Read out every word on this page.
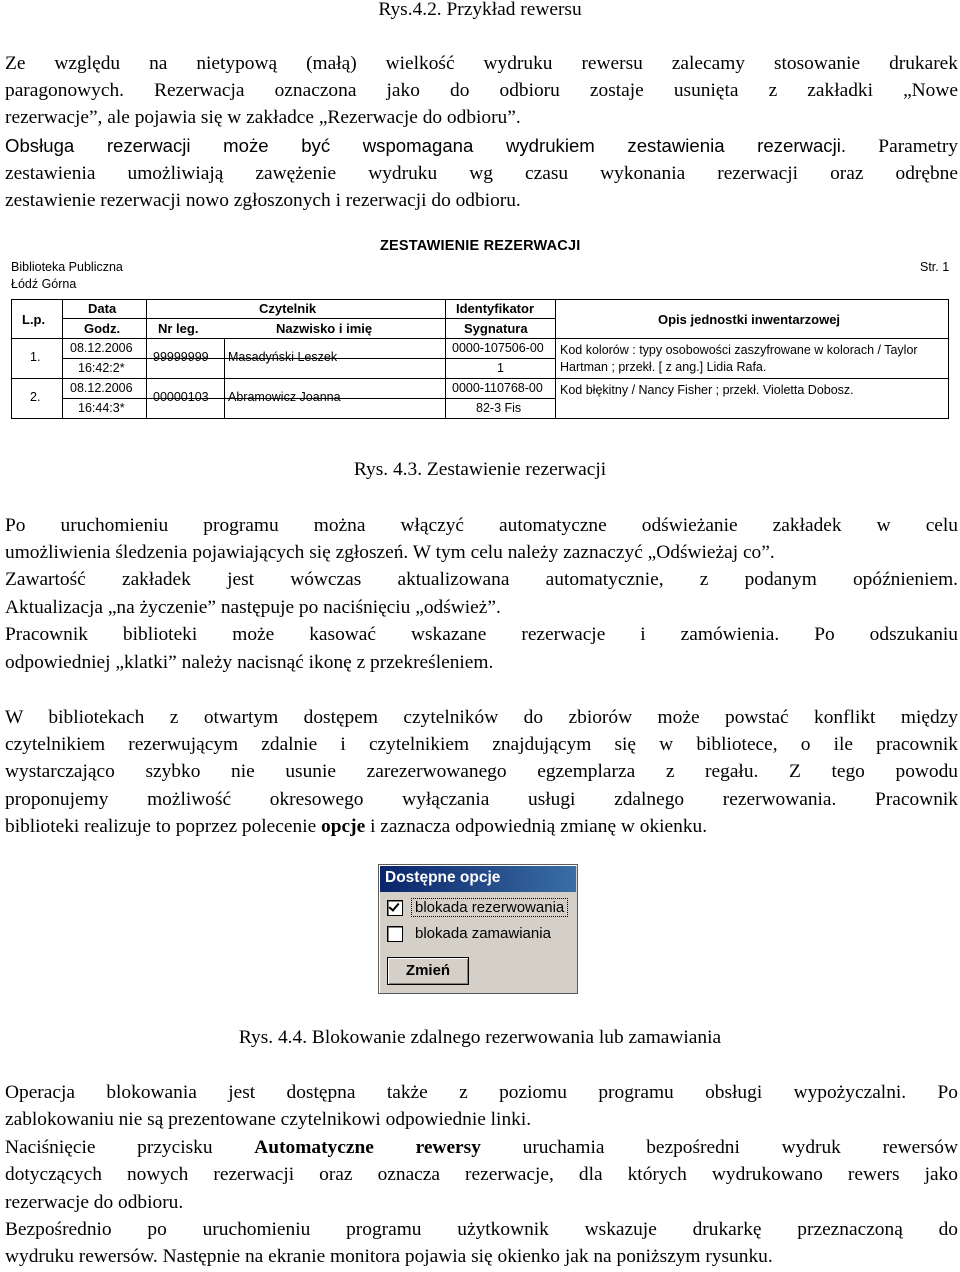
Rys.4.2. Przykład rewersu
Ze względu na nietypową (małą) wielkość wydruku rewersu zalecamy stosowanie drukarek
paragonowych. Rezerwacja oznaczona jako do odbioru zostaje usunięta z zakładki „Nowe
rezerwacje”, ale pojawia się w zakładce „Rezerwacje do odbioru”.
Obsługa rezerwacji może być wspomagana wydrukiem zestawienia rezerwacji. Parametry
zestawienia umożliwiają zawężenie wydruku wg czasu wykonania rezerwacji oraz odrębne
zestawienie rezerwacji nowo zgłoszonych i rezerwacji do odbioru.
ZESTAWIENIE REZERWACJI
Biblioteka Publiczna
Łódź Górna
Str. 1
L.p.
Data
Godz.
Czytelnik
Nr leg.	Nazwisko i imię
Identyfikator
Sygnatura
Opis jednostki inwentarzowej
1.
08.12.2006
16:42:2*
99999999 Masadyński Leszek
0000-107506-00
1
Kod kolorów : typy osobowości zaszyfrowane w kolorach / Taylor
Hartman ; przekł. [ z ang.] Lidia Rafa.
2.
08.12.2006
16:44:3*
00000103 Abramowicz Joanna
0000-110768-00
82-3 Fis
Kod błękitny / Nancy Fisher ; przekł. Violetta Dobosz.
Rys. 4.3. Zestawienie rezerwacji
Po uruchomieniu programu można włączyć automatyczne odświeżanie zakładek w celu
umożliwienia śledzenia pojawiających się zgłoszeń. W tym celu należy zaznaczyć „Odświeżaj co”.
Zawartość zakładek jest wówczas aktualizowana automatycznie, z podanym opóźnieniem.
Aktualizacja „na życzenie” następuje po naciśnięciu „odśwież”.
Pracownik biblioteki może kasować wskazane rezerwacje i zamówienia. Po odszukaniu
odpowiedniej „klatki” należy nacisnąć ikonę z przekreśleniem.
W bibliotekach z otwartym dostępem czytelników do zbiorów może powstać konflikt między
czytelnikiem rezerwującym zdalnie i czytelnikiem znajdującym się w bibliotece, o ile pracownik
wystarczająco szybko nie usunie zarezerwowanego egzemplarza z regału. Z tego powodu
proponujemy możliwość okresowego wyłączania usługi zdalnego rezerwowania. Pracownik
biblioteki realizuje to poprzez polecenie opcje i zaznacza odpowiednią zmianę w okienku.
Dostępne opcje
blokada rezerwowania
blokada zamawiania
Zmień
Rys. 4.4. Blokowanie zdalnego rezerwowania lub zamawiania
Operacja blokowania jest dostępna także z poziomu programu obsługi wypożyczalni. Po
zablokowaniu nie są prezentowane czytelnikowi odpowiednie linki.
Naciśnięcie przycisku Automatyczne rewersy uruchamia bezpośredni wydruk rewersów
dotyczących nowych rezerwacji oraz oznacza rezerwacje, dla których wydrukowano rewers jako
rezerwacje do odbioru.
Bezpośrednio po uruchomieniu programu użytkownik wskazuje drukarkę przeznaczoną do
wydruku rewersów. Następnie na ekranie monitora pojawia się okienko jak na poniższym rysunku.
